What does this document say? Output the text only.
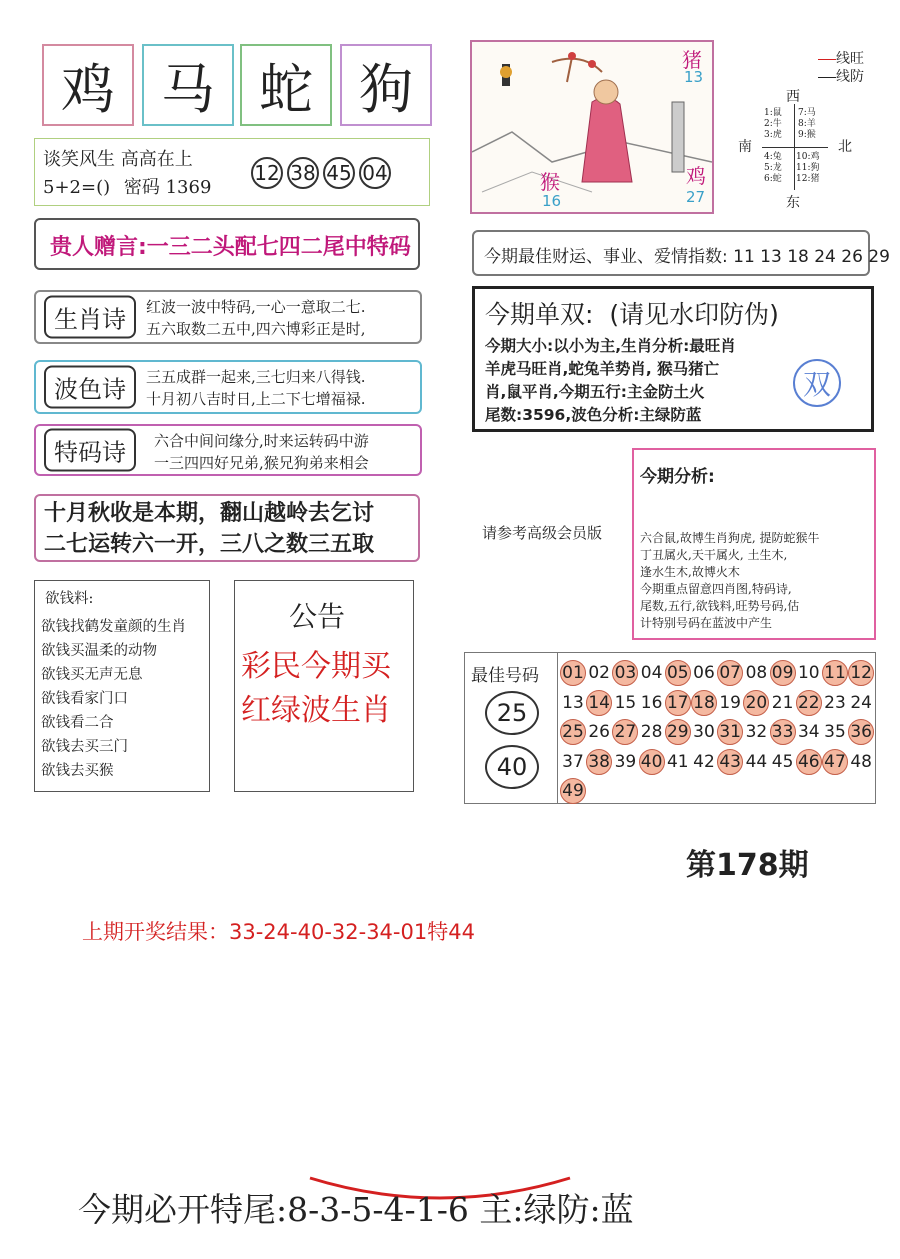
鸡 马 蛇 狗
谈笑风生 高高在上
5+2=() 密码 1369
12 38 45 04
贵人赠言:一三二头配七四二尾中特码
生肖诗	红波一波中特码,一心一意取二七.
五六取数二五中,四六博彩正是时,
波色诗	三五成群一起来,三七归来八得钱.
十月初八吉时日,上二下七增福禄.
特码诗	六合中间问缘分,时来运转码中游
一三四四好兄弟,猴兄狗弟来相会
十月秋收是本期，翻山越岭去乞讨
二七运转六一开，三八之数三五取
欲钱料:
欲钱找鹤发童颜的生肖
欲钱买温柔的动物
欲钱买无声无息
欲钱看家门口
欲钱看二合
欲钱去买三门
欲钱去买猴
公告
彩民今期买
红绿波生肖
猪
13
猴
16
鸡
27
线旺
线防
西
南	北
东
1:鼠
2:牛
3:虎
7:马
8:羊
9:猴
4:兔
5:龙
6:蛇
10:鸡
11:狗
12:猪
今期最佳财运、事业、爱情指数: 11 13 18 24 26 29
今期单双:  (请见水印防伪)
今期大小:以小为主,生肖分析:最旺肖
羊虎马旺肖,蛇兔羊势肖, 猴马猪亡
肖,鼠平肖,今期五行:主金防土火
尾数:3596,波色分析:主绿防蓝
双
请参考高级会员版
今期分析:
六合鼠,故博生肖狗虎, 提防蛇猴牛
丁丑属火,天干属火, 土生木,
逢水生木,故博火木
今期重点留意四肖图,特码诗,
尾数,五行,欲钱料,旺势号码,估
计特别号码在蓝波中产生
最佳号码
25
40
01 02 03 04 05 06 07 08 09 10 11 12
13 14 15 16 17 18 19 20 21 22 23 24
25 26 27 28 29 30 31 32 33 34 35 36
37 38 39 40 41 42 43 44 45 46 47 48
49
第178期
上期开奖结果：33-24-40-32-34-01特44
今期必开特尾:8-3-5-4-1-6 主:绿防:蓝
